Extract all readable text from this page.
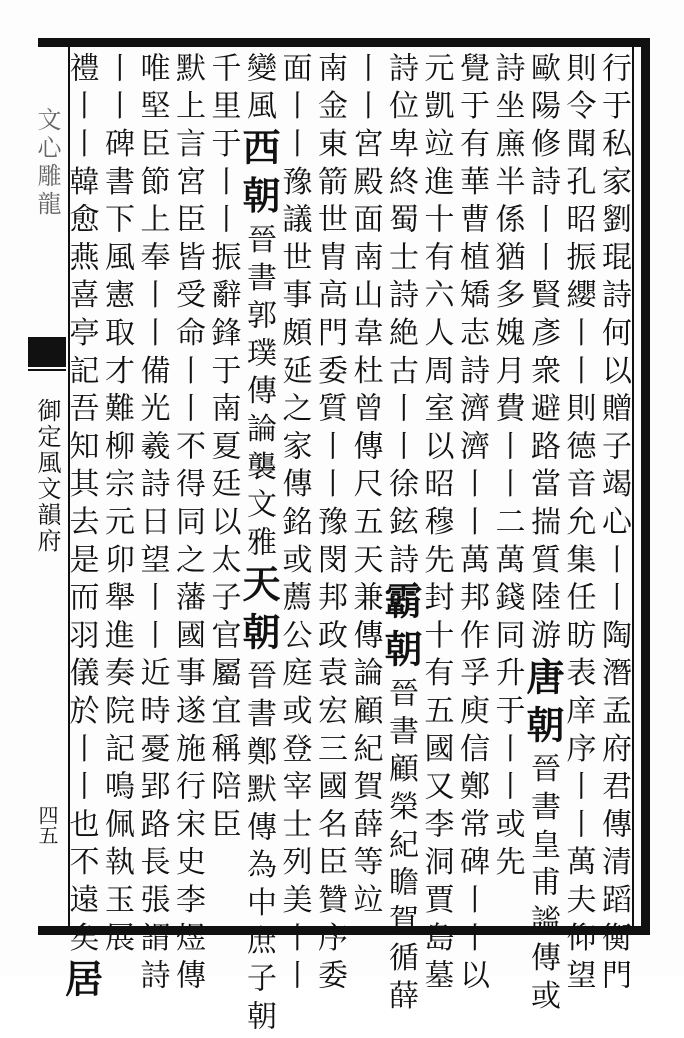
文心雕龍
御定風文韻府
四五	行于私家劉琨詩何以贈子竭心丨丨陶潛孟府君傳清蹈衡門
則令聞孔昭振纓丨丨則德音允集任昉表庠序丨丨萬夫仰望
歐陽修詩丨丨賢彥衆避路當揣質陸游唐朝晉書皇甫謐傳或
詩坐㢘半係猶多媿月費丨丨二萬錢同升于丨丨或先
覺于有華曹植矯志詩濟濟丨丨萬邦作孚庾信鄭常碑丨丨以
元凱竝進十有六人周室以昭穆先封十有五國又李洞賈島墓
詩位卑終蜀士詩絶古丨丨徐鉉詩霸朝晉書顧榮紀瞻賀循薛
丨丨宮殿面南山韋杜曾傳尺五天兼傳論顧紀賀薛等竝
南金東箭世胄高門委質丨丨豫閔邦政袁宏三國名臣贊序委
面丨丨豫議世事頗延之家傳銘或薦公庭或登宰士列美丨丨
變風西朝晉書郭璞傳論襲文雅天朝晉書鄭默傳為中庶子朝
千里于丨丨振辭鋒于南夏廷以太子官屬宜稱陪臣
默上言宮臣皆受命丨丨不得同之藩國事遂施行宋史李煜傳
唯堅臣節上奉丨丨備光羲詩日望丨丨近時憂郢路長張謂詩
丨丨碑書下風憲取才難柳宗元卯舉進奏院記鳴佩執玉展
禮丨丨韓愈燕喜亭記吾知其去是而羽儀於丨丨也不遠矣居
